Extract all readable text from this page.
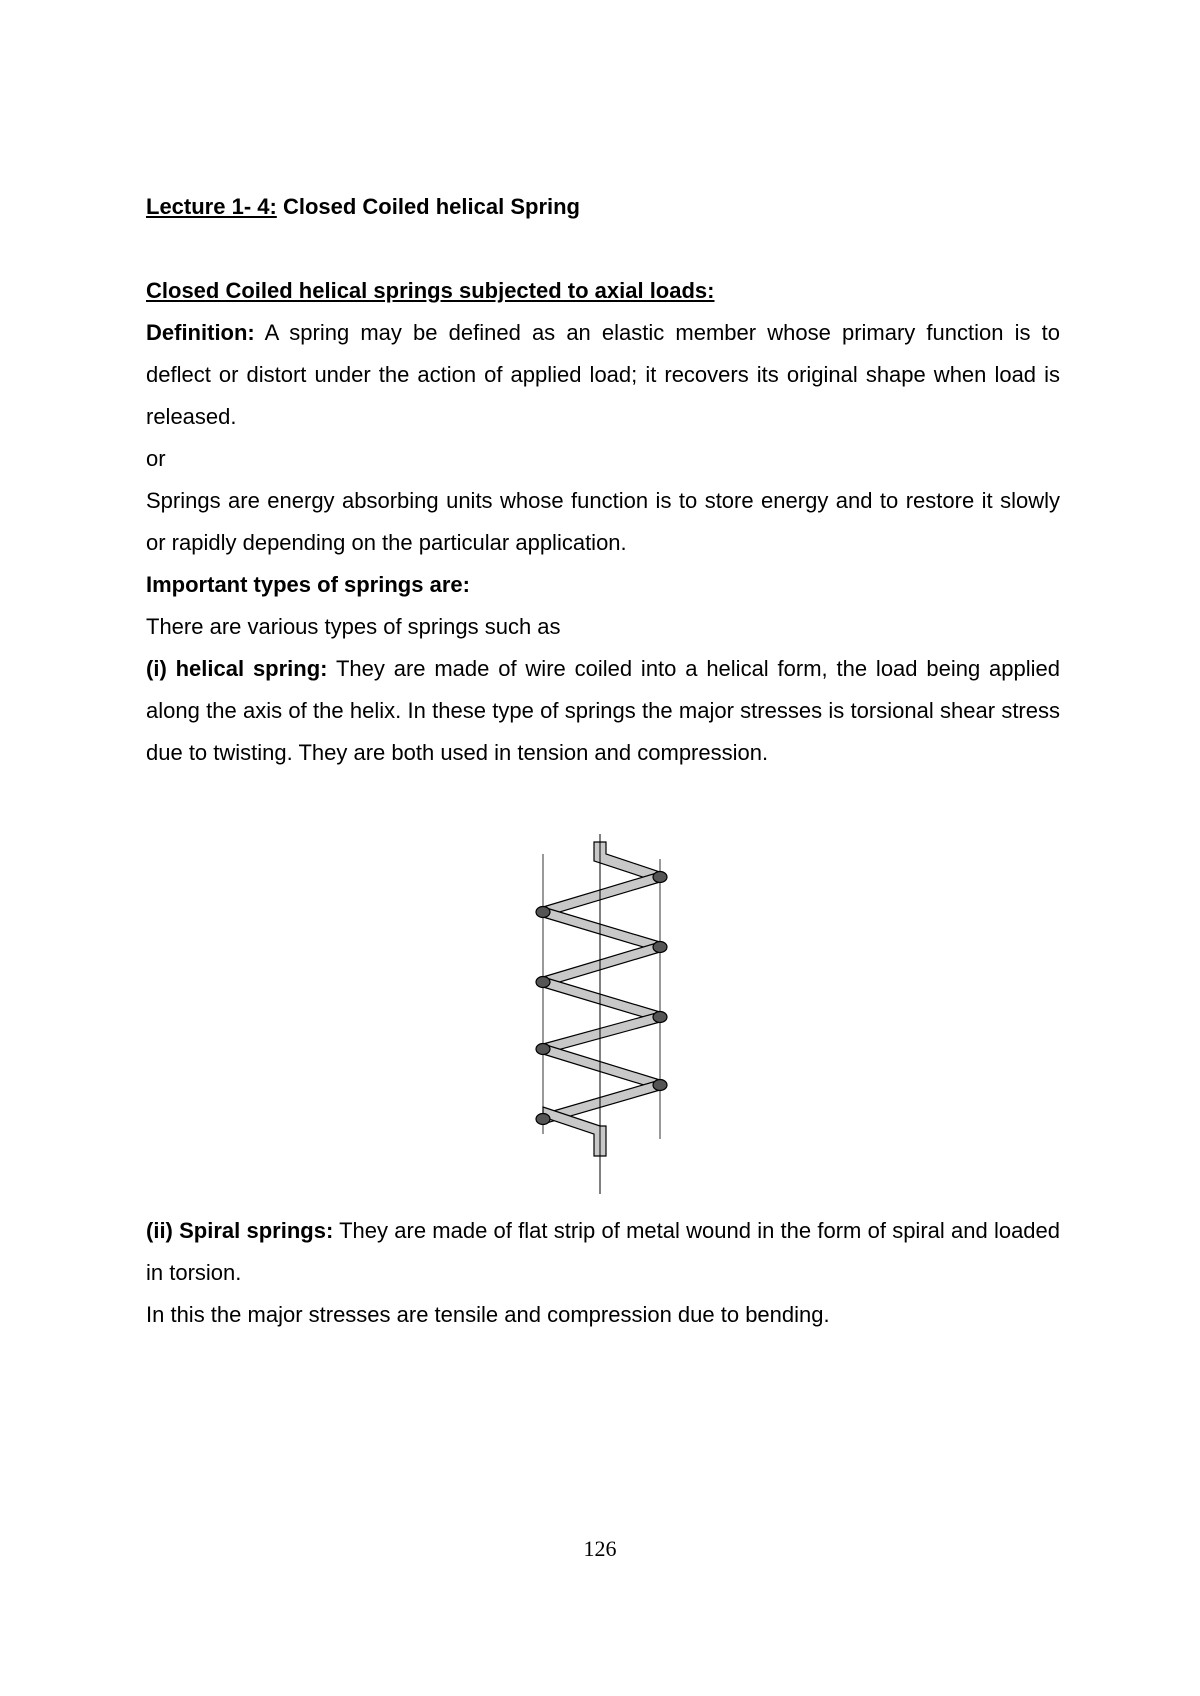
Lecture 1- 4: Closed Coiled helical Spring

Closed Coiled helical springs subjected to axial loads:

Definition: A spring may be defined as an elastic member whose primary function is to deflect or distort under the action of applied load; it recovers its original shape when load is released.

or

Springs are energy absorbing units whose function is to store energy and to restore it slowly or rapidly depending on the particular application.

Important types of springs are:

There are various types of springs such as

(i) helical spring: They are made of wire coiled into a helical form, the load being applied along the axis of the helix. In these type of springs the major stresses is torsional shear stress due to twisting. They are both used in tension and compression.

(ii) Spiral springs: They are made of flat strip of metal wound in the form of spiral and loaded in torsion.

In this the major stresses are tensile and compression due to bending.

126
